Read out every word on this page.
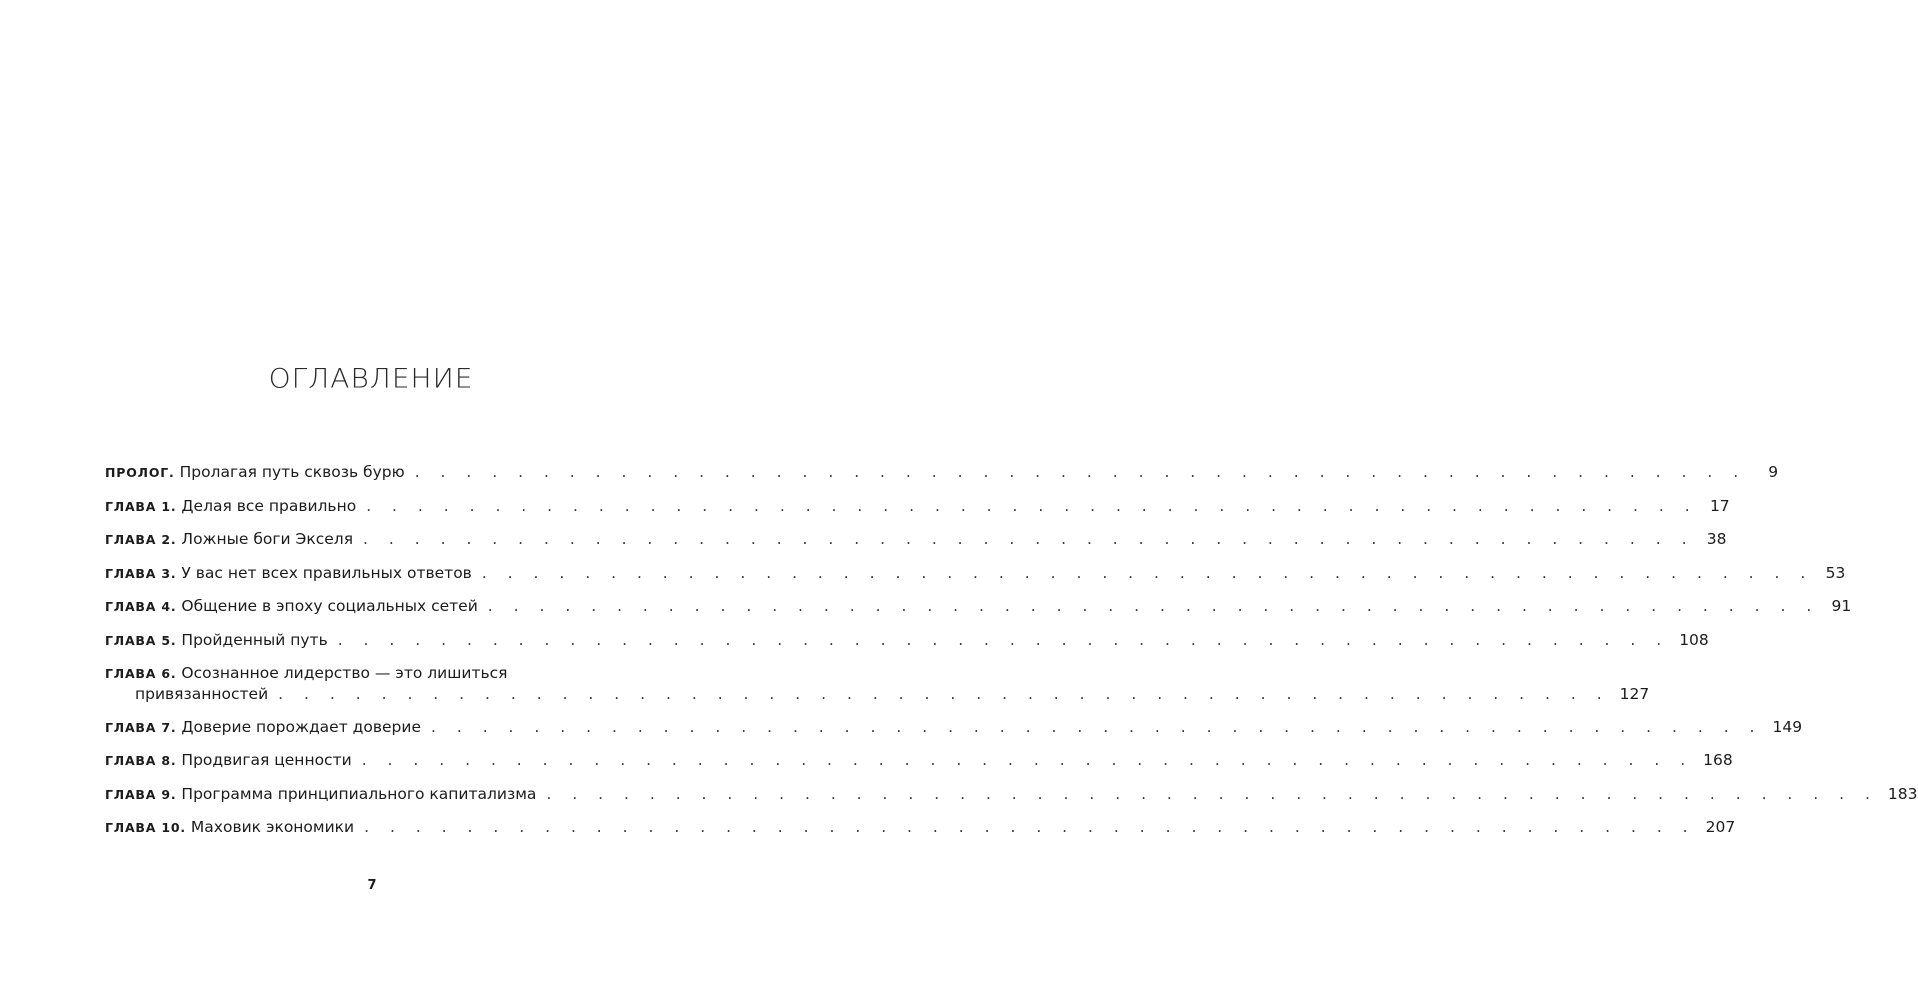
ОГЛАВЛЕНИЕ
ПРОЛОГ. Пролагая путь сквозь бурю . . . . . . . . . . . . . . . . . . . . . . . . . . . . . . . . . . . . . . . . . . . . . . . . . . . .	9
ГЛАВА 1. Делая все правильно . . . . . . . . . . . . . . . . . . . . . . . . . . . . . . . . . . . . . . . . . . . . . . . . . . . . 17
ГЛАВА 2. Ложные боги Экселя . . . . . . . . . . . . . . . . . . . . . . . . . . . . . . . . . . . . . . . . . . . . . . . . . . . . 38
ГЛАВА 3. У вас нет всех правильных ответов . . . . . . . . . . . . . . . . . . . . . . . . . . . . . . . . . . . . . . . . . . . . . . . . . . . . 53
ГЛАВА 4. Общение в эпоху социальных сетей . . . . . . . . . . . . . . . . . . . . . . . . . . . . . . . . . . . . . . . . . . . . . . . . . . . . 91
ГЛАВА 5. Пройденный путь . . . . . . . . . . . . . . . . . . . . . . . . . . . . . . . . . . . . . . . . . . . . . . . . . . . . 108
ГЛАВА 6. Осознанное лидерство — это лишиться
привязанностей . . . . . . . . . . . . . . . . . . . . . . . . . . . . . . . . . . . . . . . . . . . . . . . . . . . . 127
ГЛАВА 7. Доверие порождает доверие . . . . . . . . . . . . . . . . . . . . . . . . . . . . . . . . . . . . . . . . . . . . . . . . . . . . 149
ГЛАВА 8. Продвигая ценности . . . . . . . . . . . . . . . . . . . . . . . . . . . . . . . . . . . . . . . . . . . . . . . . . . . . 168
ГЛАВА 9. Программа принципиального капитализма . . . . . . . . . . . . . . . . . . . . . . . . . . . . . . . . . . . . . . . . . . . . . . . . . . . . 183
ГЛАВА 10. Маховик экономики . . . . . . . . . . . . . . . . . . . . . . . . . . . . . . . . . . . . . . . . . . . . . . . . . . . . 207
7
